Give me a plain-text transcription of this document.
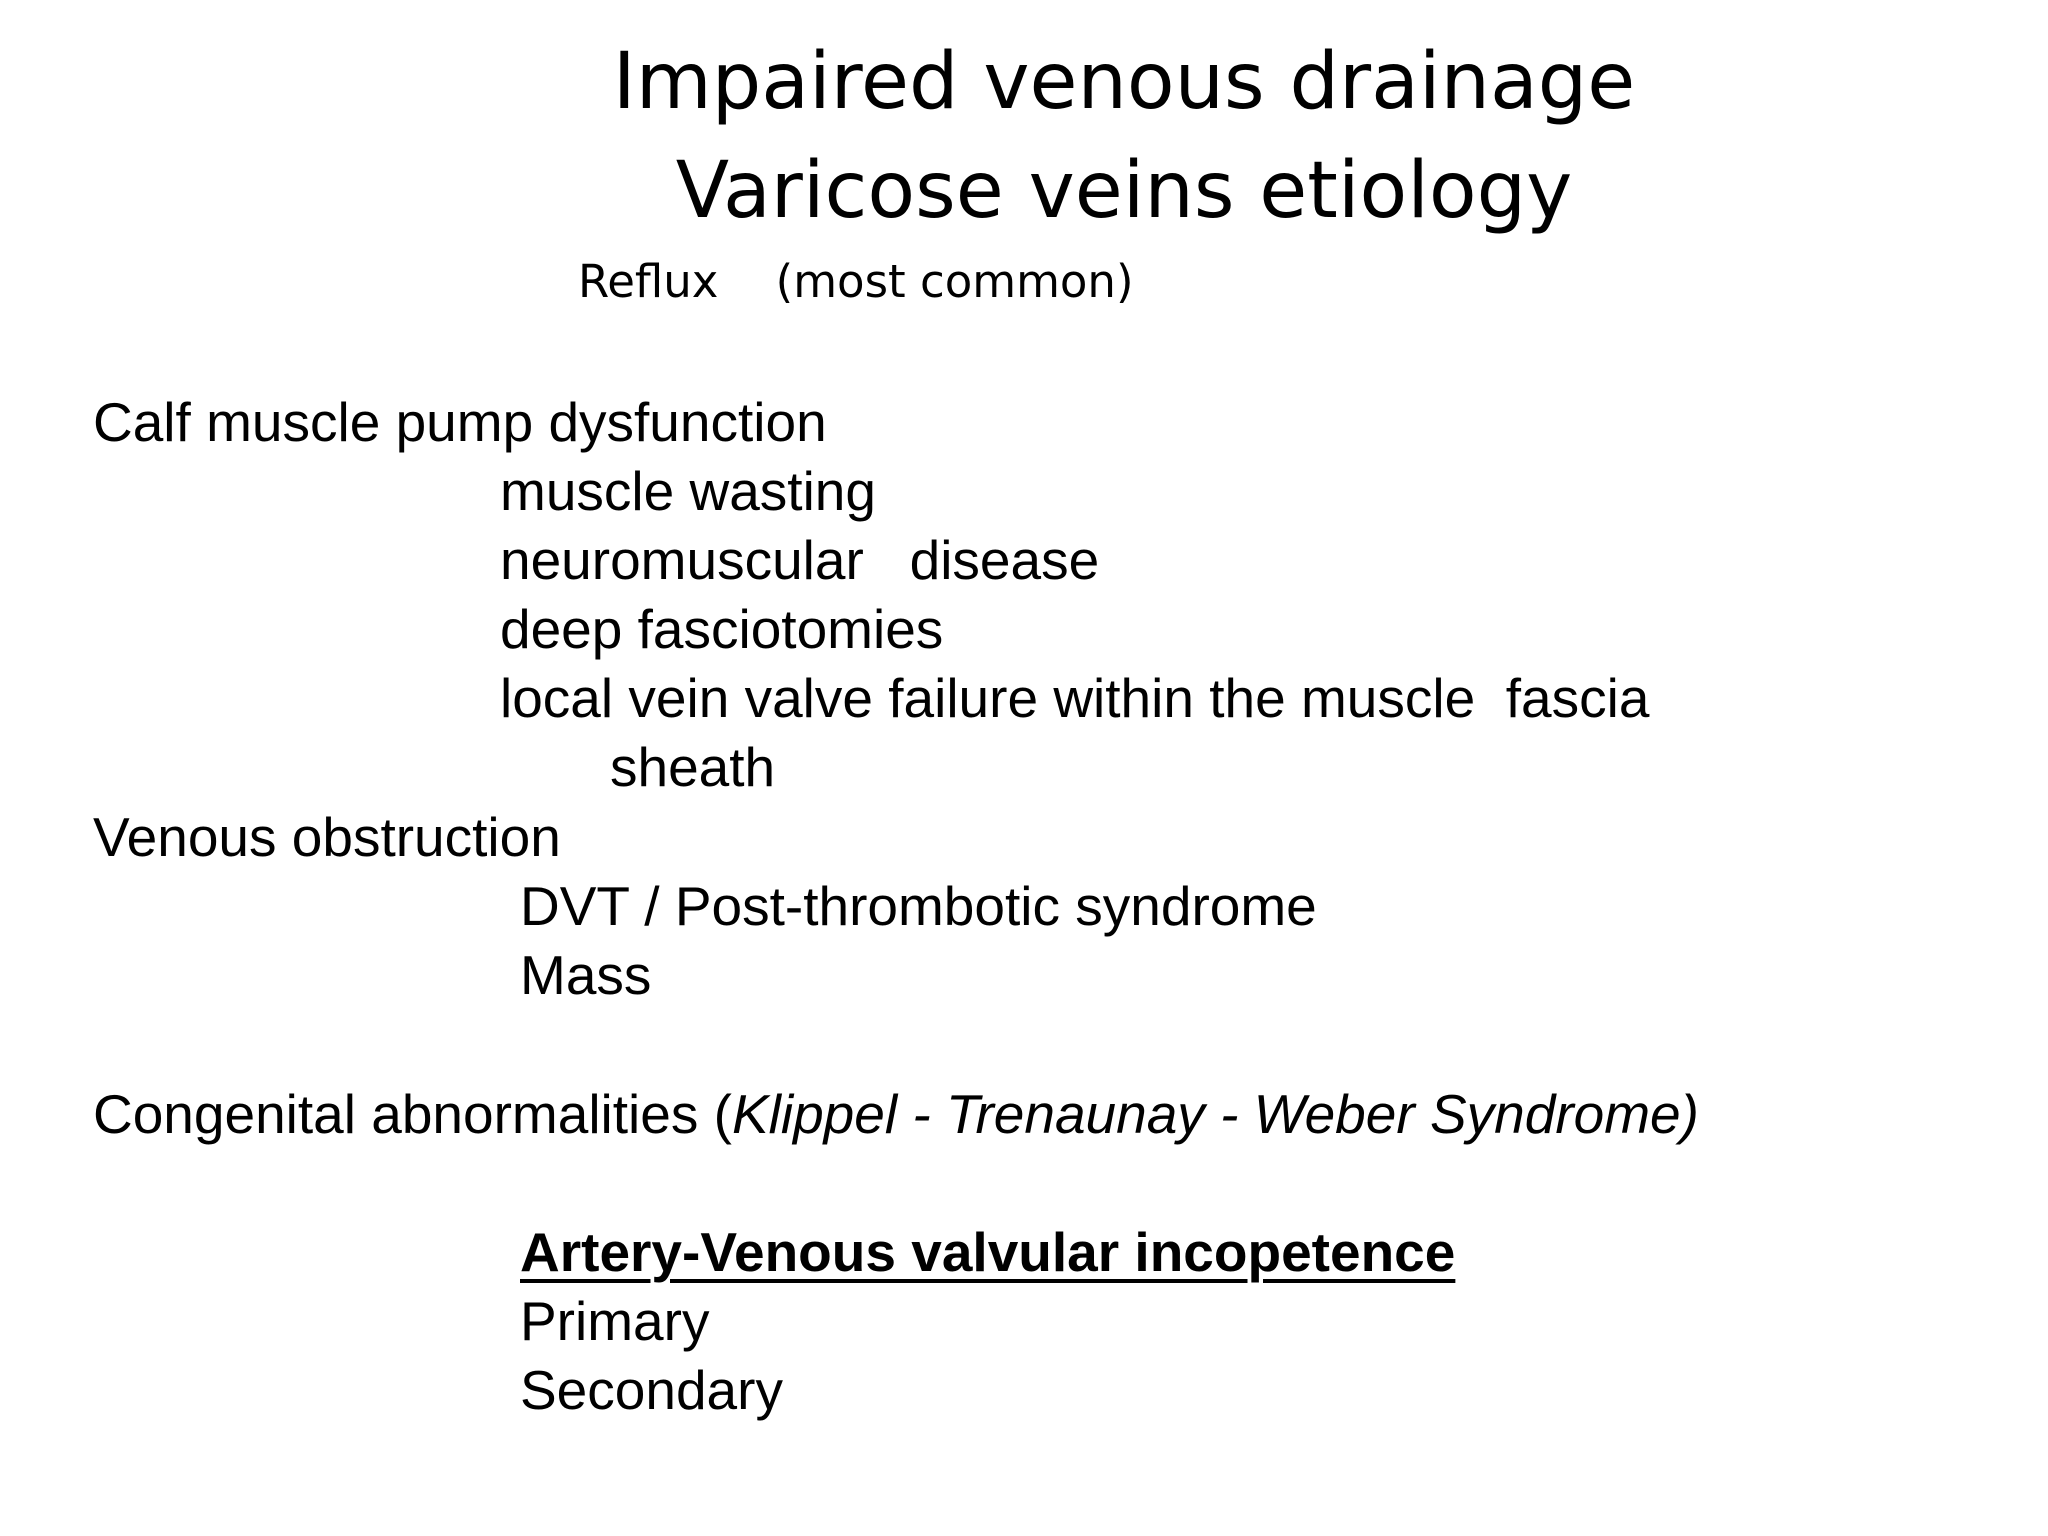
Impaired venous drainage
Varicose veins etiology
Reflux    (most common)
Calf muscle pump dysfunction
muscle wasting
neuromuscular   disease
deep fasciotomies
local vein valve failure within the muscle  fascia
sheath
Venous obstruction
DVT / Post-thrombotic syndrome
Mass
Congenital abnormalities (Klippel - Trenaunay - Weber Syndrome)
Artery-Venous valvular incopetence
Primary
Secondary
